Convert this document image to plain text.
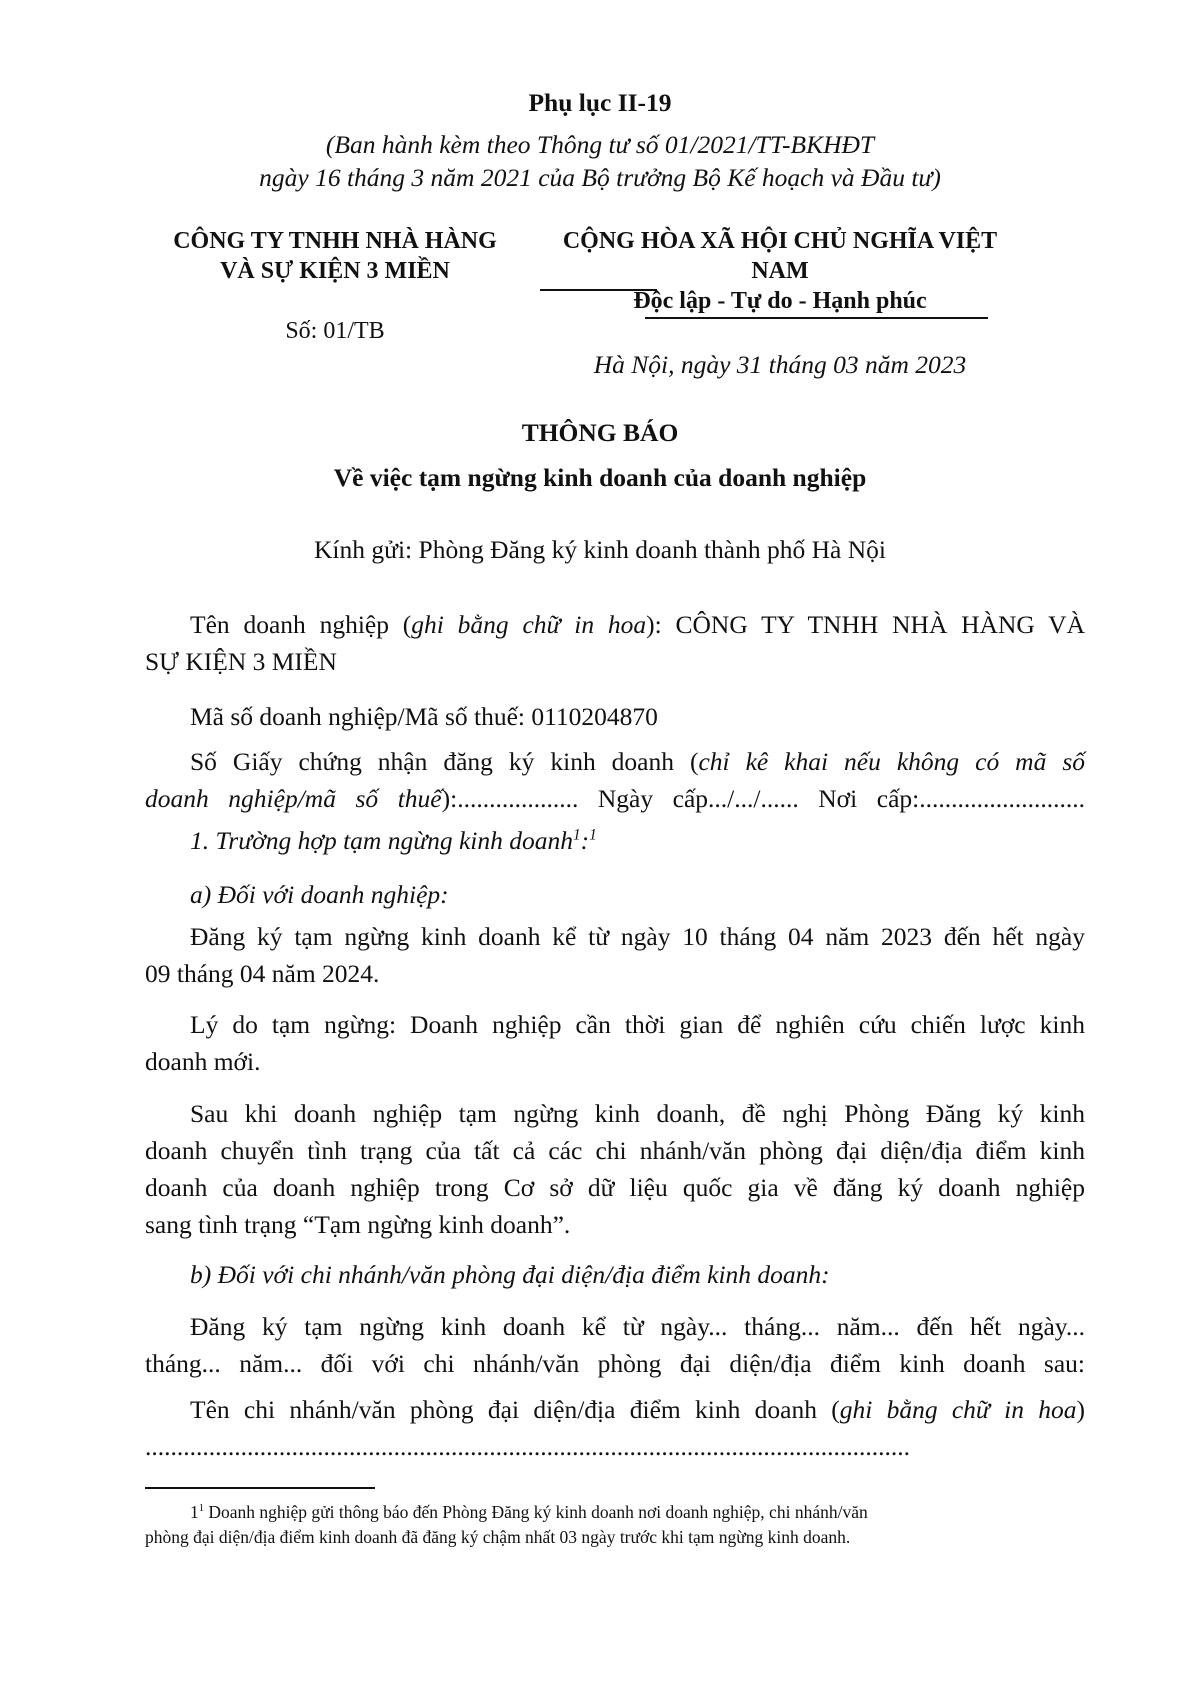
Phụ lục II-19
(Ban hành kèm theo Thông tư số 01/2021/TT-BKHĐT
ngày 16 tháng 3 năm 2021 của Bộ trưởng Bộ Kế hoạch và Đầu tư)
CÔNG TY TNHH NHÀ HÀNG
VÀ SỰ KIỆN 3 MIỀN
Số: 01/TB
CỘNG HÒA XÃ HỘI CHỦ NGHĨA VIỆT
NAM
Độc lập - Tự do - Hạnh phúc
Hà Nội, ngày 31 tháng 03 năm 2023
THÔNG BÁO
Về việc tạm ngừng kinh doanh của doanh nghiệp
Kính gửi: Phòng Đăng ký kinh doanh thành phố Hà Nội
Tên doanh nghiệp (ghi bằng chữ in hoa): CÔNG TY TNHH NHÀ HÀNG VÀ
SỰ KIỆN 3 MIỀN
Mã số doanh nghiệp/Mã số thuế: 0110204870
Số Giấy chứng nhận đăng ký kinh doanh (chỉ kê khai nếu không có mã số
doanh nghiệp/mã số thuế):................... Ngày cấp.../.../...... Nơi cấp:..........................
1. Trường hợp tạm ngừng kinh doanh$^1$:$^1$
a) Đối với doanh nghiệp:
Đăng ký tạm ngừng kinh doanh kể từ ngày 10 tháng 04 năm 2023 đến hết ngày
09 tháng 04 năm 2024.
Lý do tạm ngừng: Doanh nghiệp cần thời gian để nghiên cứu chiến lược kinh
doanh mới.
Sau khi doanh nghiệp tạm ngừng kinh doanh, đề nghị Phòng Đăng ký kinh
doanh chuyển tình trạng của tất cả các chi nhánh/văn phòng đại diện/địa điểm kinh
doanh của doanh nghiệp trong Cơ sở dữ liệu quốc gia về đăng ký doanh nghiệp
sang tình trạng “Tạm ngừng kinh doanh”.
b) Đối với chi nhánh/văn phòng đại diện/địa điểm kinh doanh:
Đăng ký tạm ngừng kinh doanh kể từ ngày... tháng... năm... đến hết ngày...
tháng... năm... đối với chi nhánh/văn phòng đại diện/địa điểm kinh doanh sau:
Tên chi nhánh/văn phòng đại diện/địa điểm kinh doanh (ghi bằng chữ in hoa)
........................................................................................................................
$1^1$ Doanh nghiệp gửi thông báo đến Phòng Đăng ký kinh doanh nơi doanh nghiệp, chi nhánh/văn
phòng đại diện/địa điểm kinh doanh đã đăng ký chậm nhất 03 ngày trước khi tạm ngừng kinh doanh.
